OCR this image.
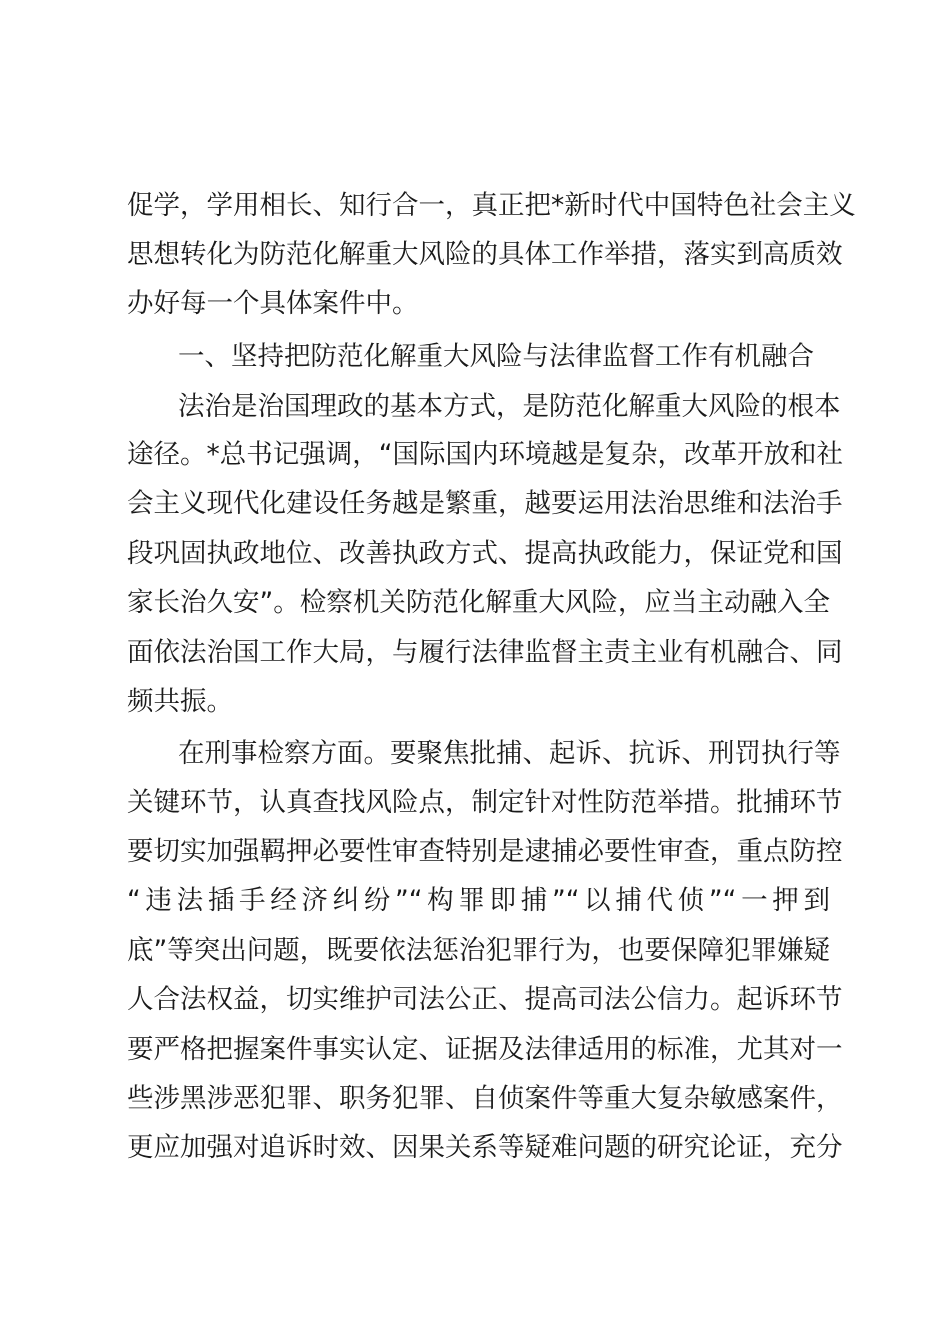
促学，学用相长、知行合一，真正把*新时代中国特色社会主义
思想转化为防范化解重大风险的具体工作举措，落实到高质效
办好每一个具体案件中。
一、坚持把防范化解重大风险与法律监督工作有机融合
法治是治国理政的基本方式，是防范化解重大风险的根本
途径。*总书记强调，“国际国内环境越是复杂，改革开放和社
会主义现代化建设任务越是繁重，越要运用法治思维和法治手
段巩固执政地位、改善执政方式、提高执政能力，保证党和国
家长治久安”。检察机关防范化解重大风险，应当主动融入全
面依法治国工作大局，与履行法律监督主责主业有机融合、同
频共振。
在刑事检察方面。要聚焦批捕、起诉、抗诉、刑罚执行等
关键环节，认真查找风险点，制定针对性防范举措。批捕环节
要切实加强羁押必要性审查特别是逮捕必要性审查，重点防控
“违法插手经济纠纷”“构罪即捕”“以捕代侦”“一押到
底”等突出问题，既要依法惩治犯罪行为，也要保障犯罪嫌疑
人合法权益，切实维护司法公正、提高司法公信力。起诉环节
要严格把握案件事实认定、证据及法律适用的标准，尤其对一
些涉黑涉恶犯罪、职务犯罪、自侦案件等重大复杂敏感案件，
更应加强对追诉时效、因果关系等疑难问题的研究论证，充分
